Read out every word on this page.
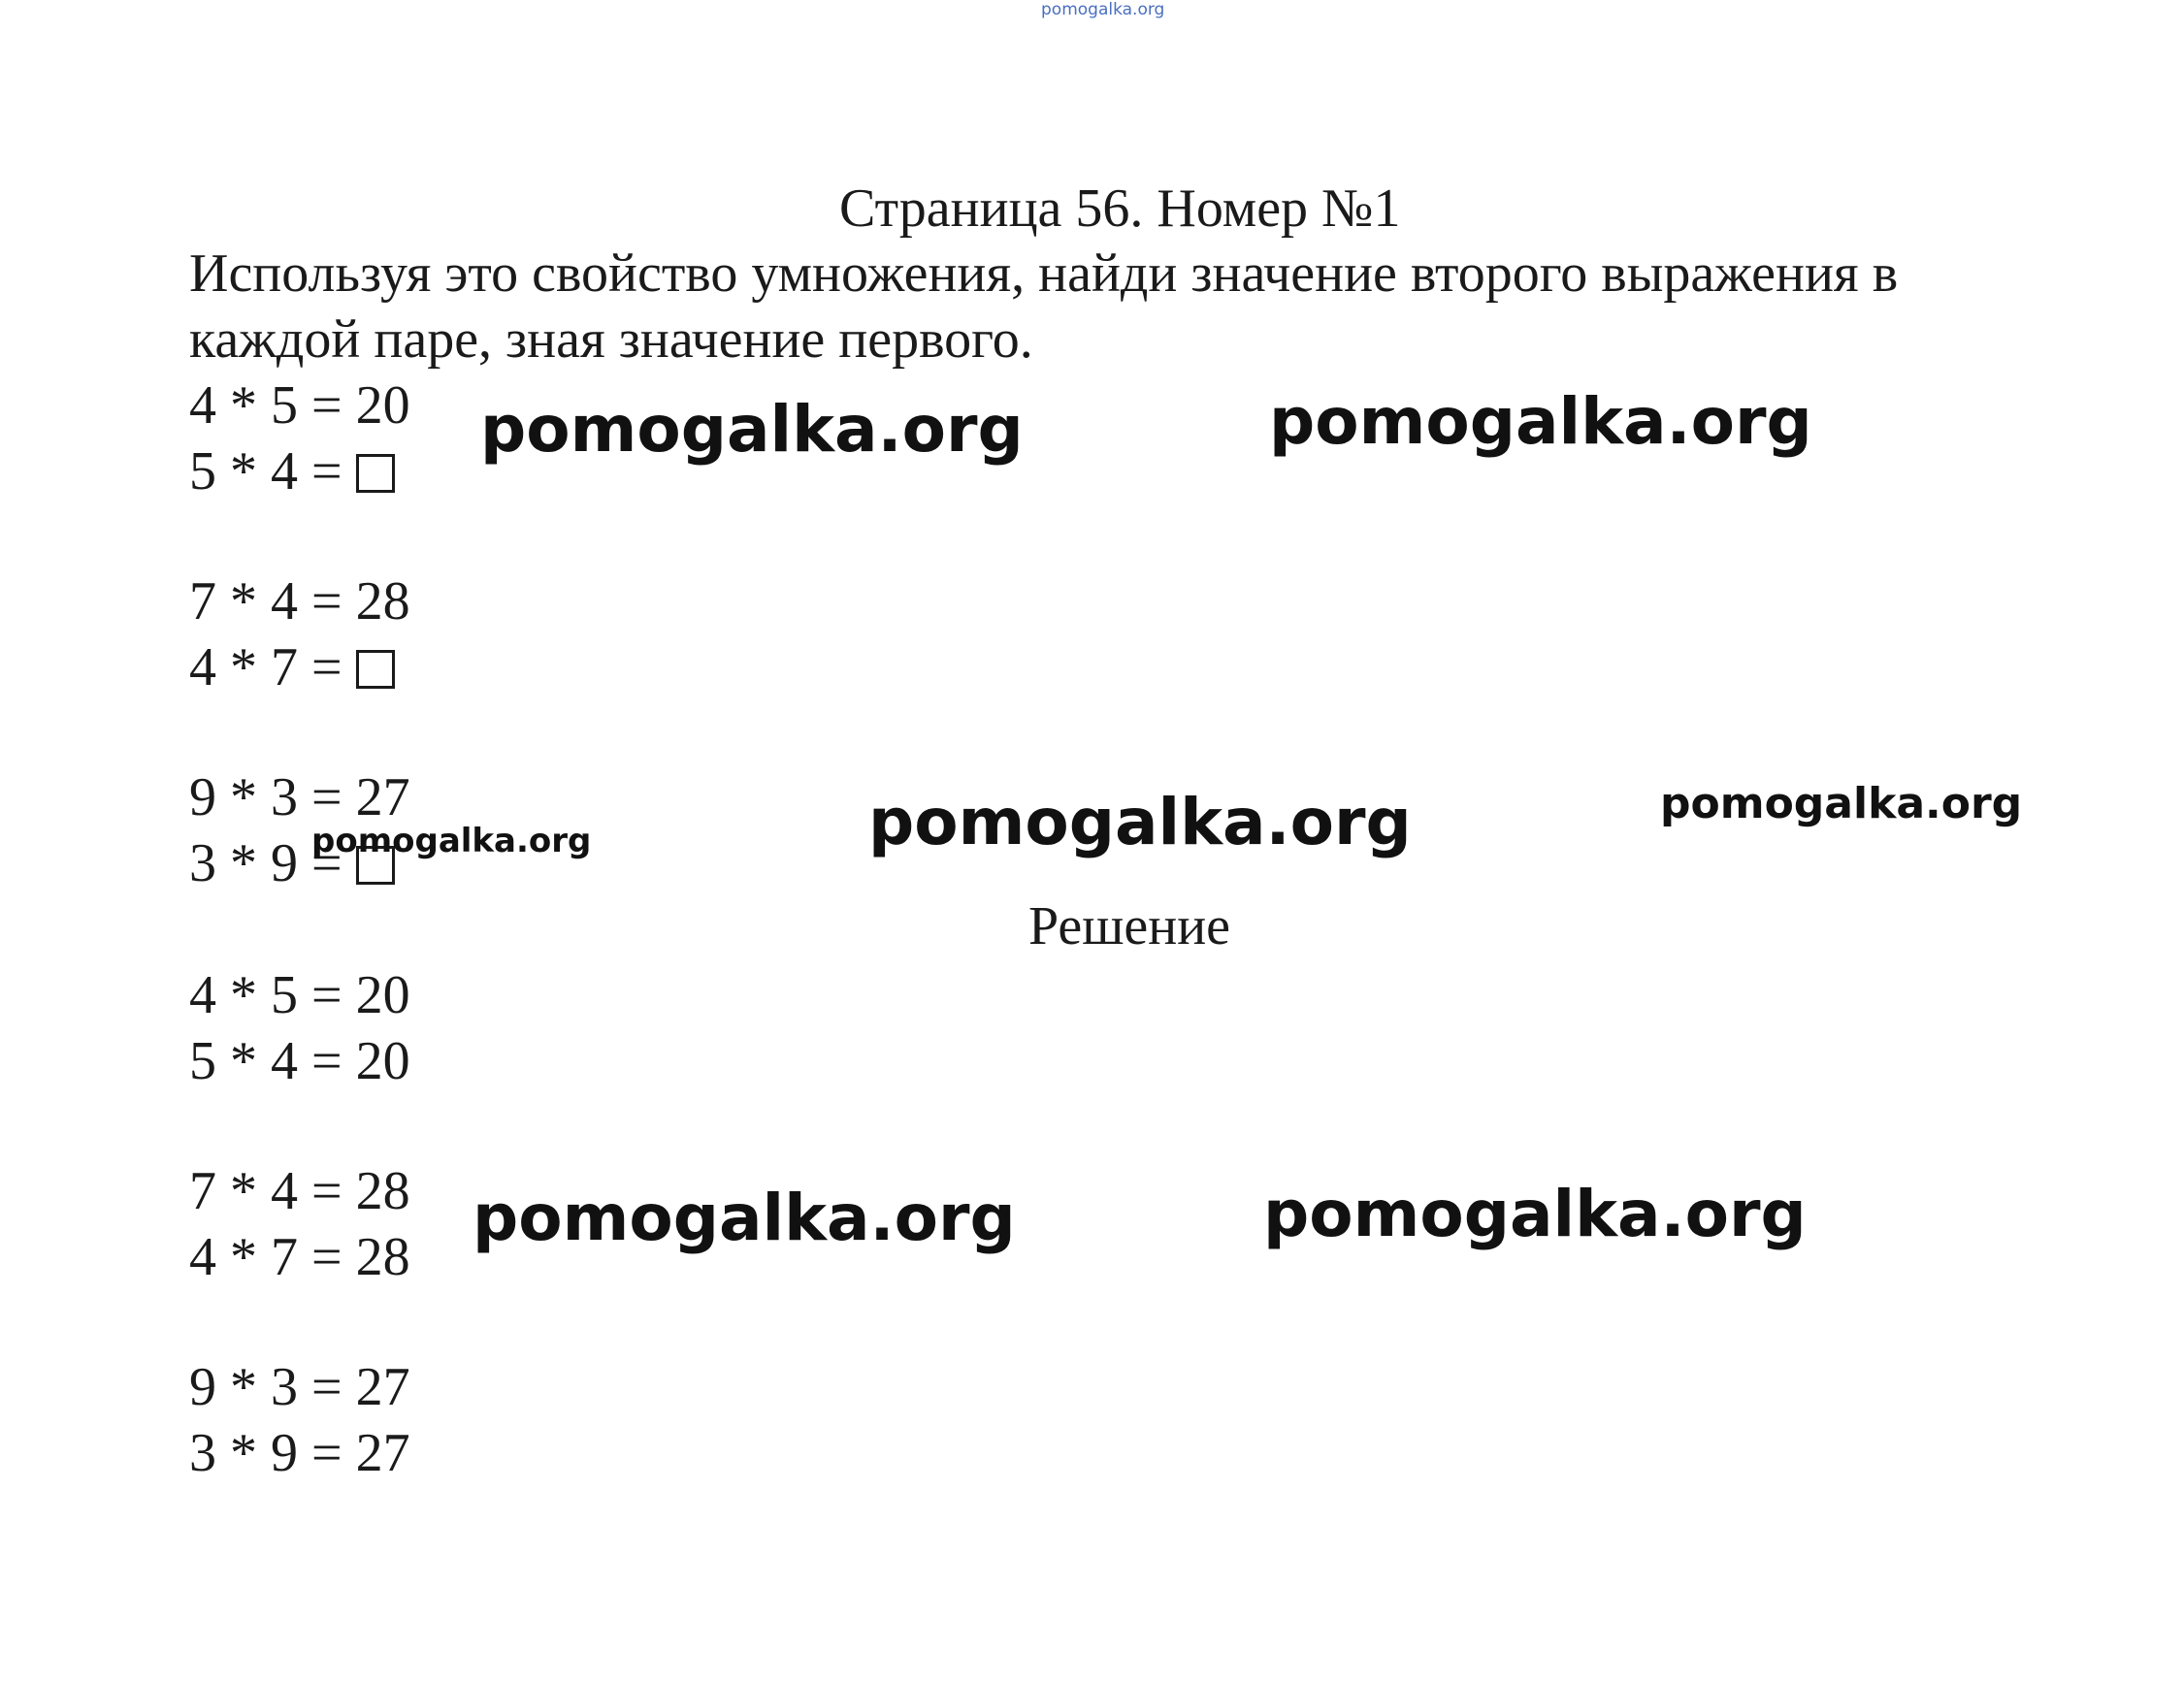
pomogalka.org
Страница 56. Номер №1
Используя это свойство умножения, найди значение второго выражения в каждой паре, зная значение первого.
4 * 5 = 20
5 * 4 =
7 * 4 = 28
4 * 7 =
9 * 3 = 27
3 * 9 =
Решение
4 * 5 = 20
5 * 4 = 20
7 * 4 = 28
4 * 7 = 28
9 * 3 = 27
3 * 9 = 27
pomogalka.org	pomogalka.org
pomogalka.org	pomogalka.org
pomogalka.org
pomogalka.org	pomogalka.org
